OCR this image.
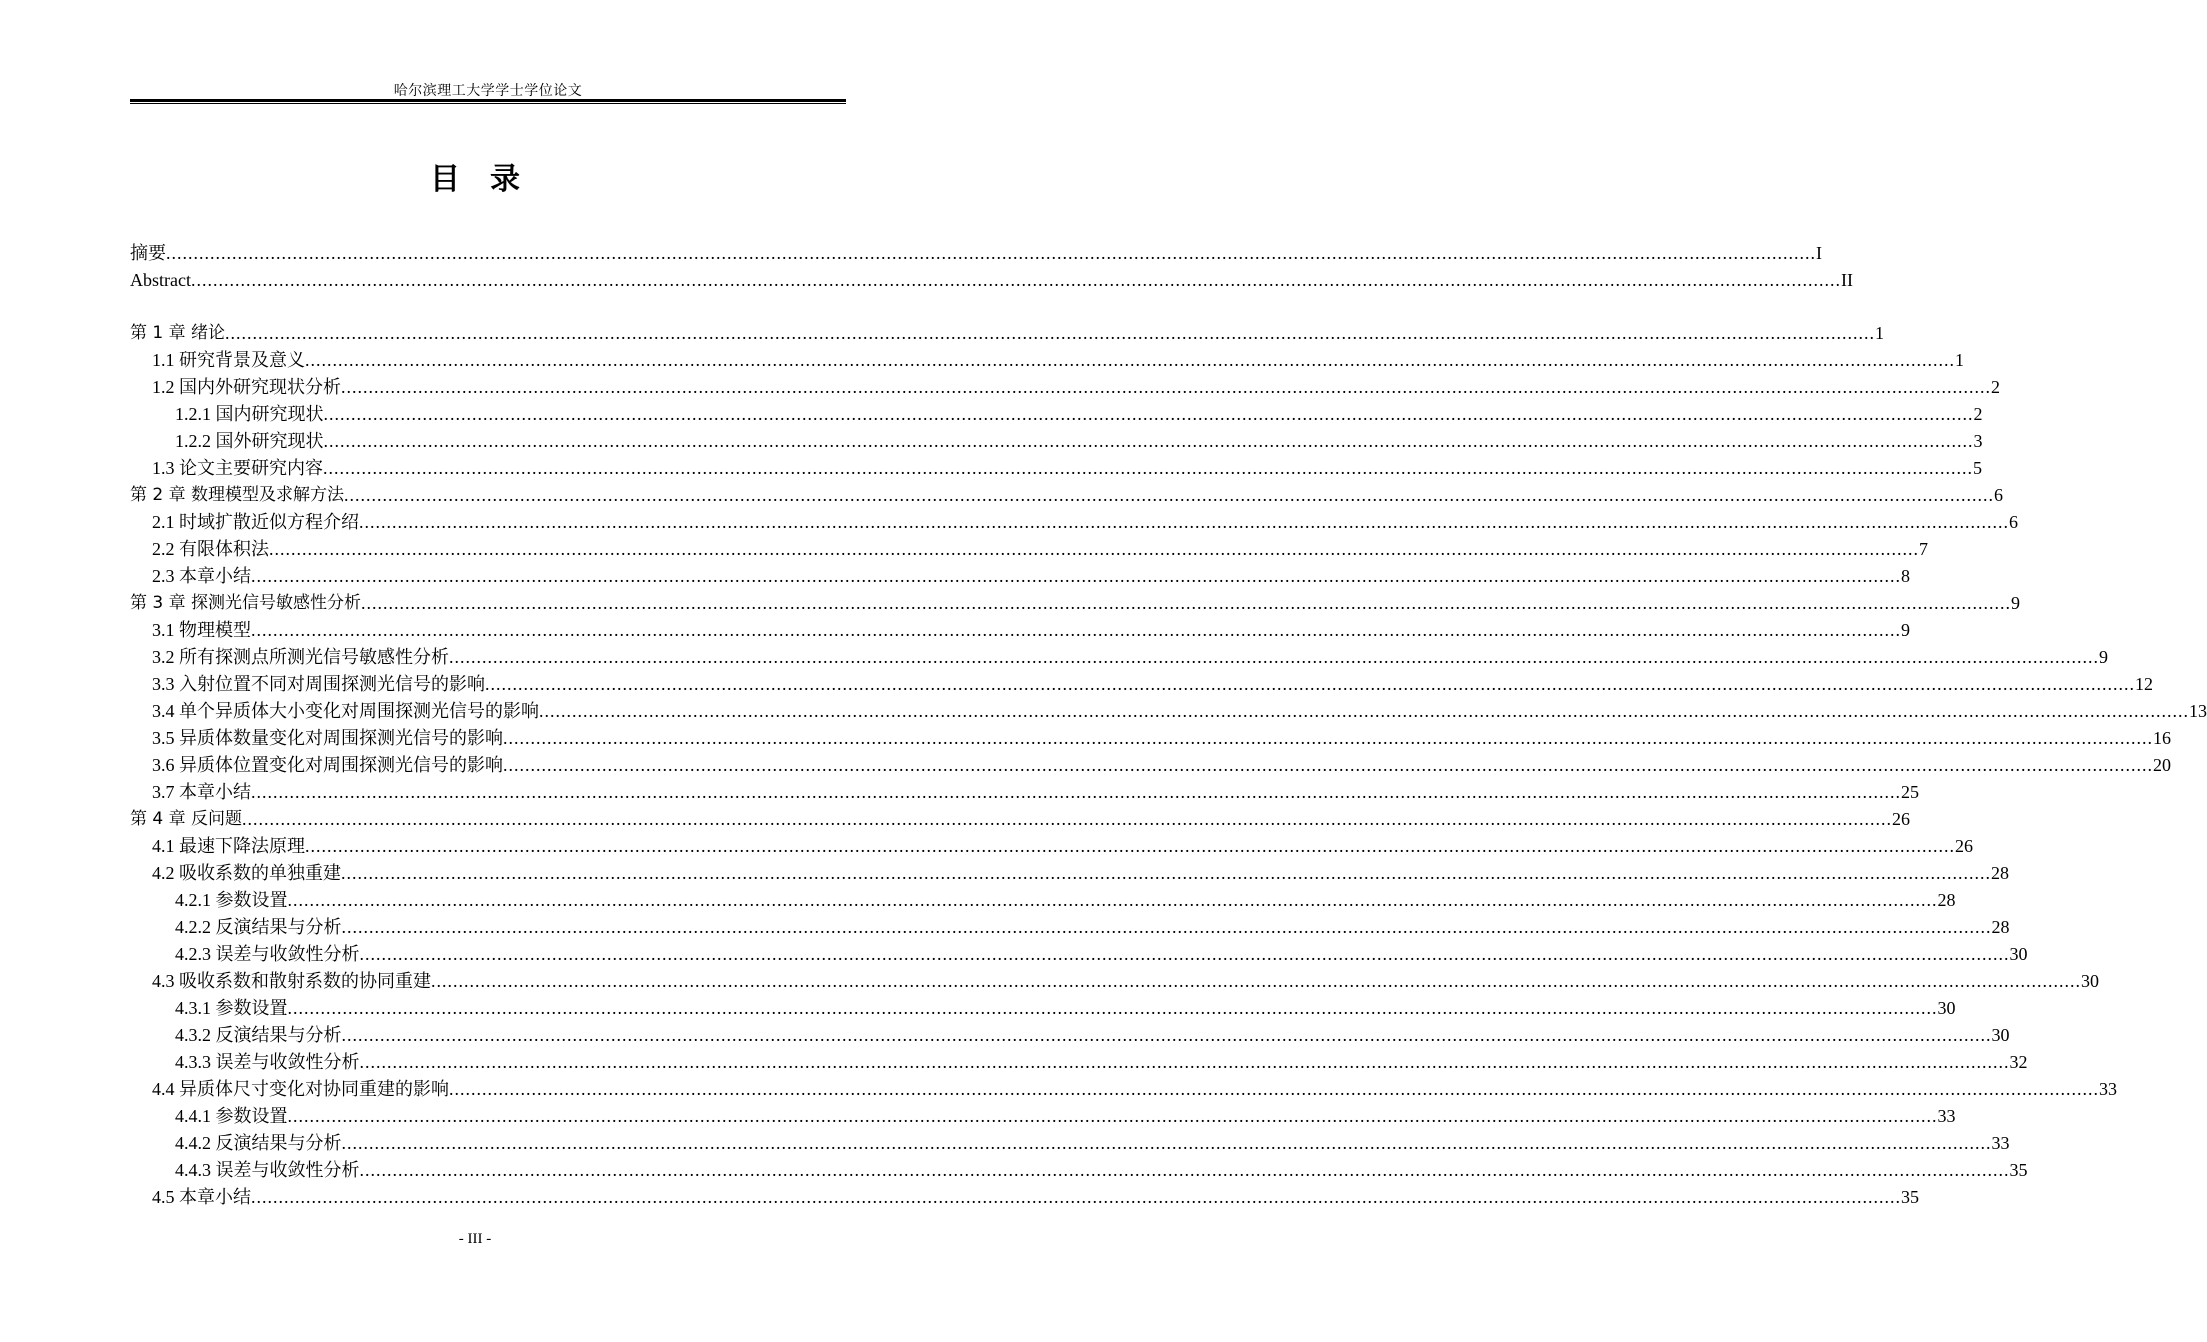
哈尔滨理工大学学士学位论文
目录
摘要 ............................................................................................................................................................................................................................................................................................................ I
Abstract ............................................................................................................................................................................................................................................................................................................ II
第 1 章 绪论 ............................................................................................................................................................................................................................................................................................................ 1
1.1 研究背景及意义 ............................................................................................................................................................................................................................................................................................................ 1
1.2 国内外研究现状分析 ............................................................................................................................................................................................................................................................................................................ 2
1.2.1 国内研究现状 ............................................................................................................................................................................................................................................................................................................ 2
1.2.2 国外研究现状 ............................................................................................................................................................................................................................................................................................................ 3
1.3 论文主要研究内容 ............................................................................................................................................................................................................................................................................................................ 5
第 2 章 数理模型及求解方法 ............................................................................................................................................................................................................................................................................................................ 6
2.1 时域扩散近似方程介绍 ............................................................................................................................................................................................................................................................................................................ 6
2.2 有限体积法 ............................................................................................................................................................................................................................................................................................................ 7
2.3 本章小结 ............................................................................................................................................................................................................................................................................................................ 8
第 3 章 探测光信号敏感性分析 ............................................................................................................................................................................................................................................................................................................ 9
3.1 物理模型 ............................................................................................................................................................................................................................................................................................................ 9
3.2 所有探测点所测光信号敏感性分析 ............................................................................................................................................................................................................................................................................................................ 9
3.3 入射位置不同对周围探测光信号的影响 ............................................................................................................................................................................................................................................................................................................ 12
3.4 单个异质体大小变化对周围探测光信号的影响 ............................................................................................................................................................................................................................................................................................................ 13
3.5 异质体数量变化对周围探测光信号的影响 ............................................................................................................................................................................................................................................................................................................ 16
3.6 异质体位置变化对周围探测光信号的影响 ............................................................................................................................................................................................................................................................................................................ 20
3.7 本章小结 ............................................................................................................................................................................................................................................................................................................ 25
第 4 章 反问题 ............................................................................................................................................................................................................................................................................................................ 26
4.1 最速下降法原理 ............................................................................................................................................................................................................................................................................................................ 26
4.2 吸收系数的单独重建 ............................................................................................................................................................................................................................................................................................................ 28
4.2.1 参数设置 ............................................................................................................................................................................................................................................................................................................ 28
4.2.2 反演结果与分析 ............................................................................................................................................................................................................................................................................................................ 28
4.2.3 误差与收敛性分析 ............................................................................................................................................................................................................................................................................................................ 30
4.3 吸收系数和散射系数的协同重建 ............................................................................................................................................................................................................................................................................................................ 30
4.3.1 参数设置 ............................................................................................................................................................................................................................................................................................................ 30
4.3.2 反演结果与分析 ............................................................................................................................................................................................................................................................................................................ 30
4.3.3 误差与收敛性分析 ............................................................................................................................................................................................................................................................................................................ 32
4.4 异质体尺寸变化对协同重建的影响 ............................................................................................................................................................................................................................................................................................................ 33
4.4.1 参数设置 ............................................................................................................................................................................................................................................................................................................ 33
4.4.2 反演结果与分析 ............................................................................................................................................................................................................................................................................................................ 33
4.4.3 误差与收敛性分析 ............................................................................................................................................................................................................................................................................................................ 35
4.5 本章小结 ............................................................................................................................................................................................................................................................................................................ 35
- III -
